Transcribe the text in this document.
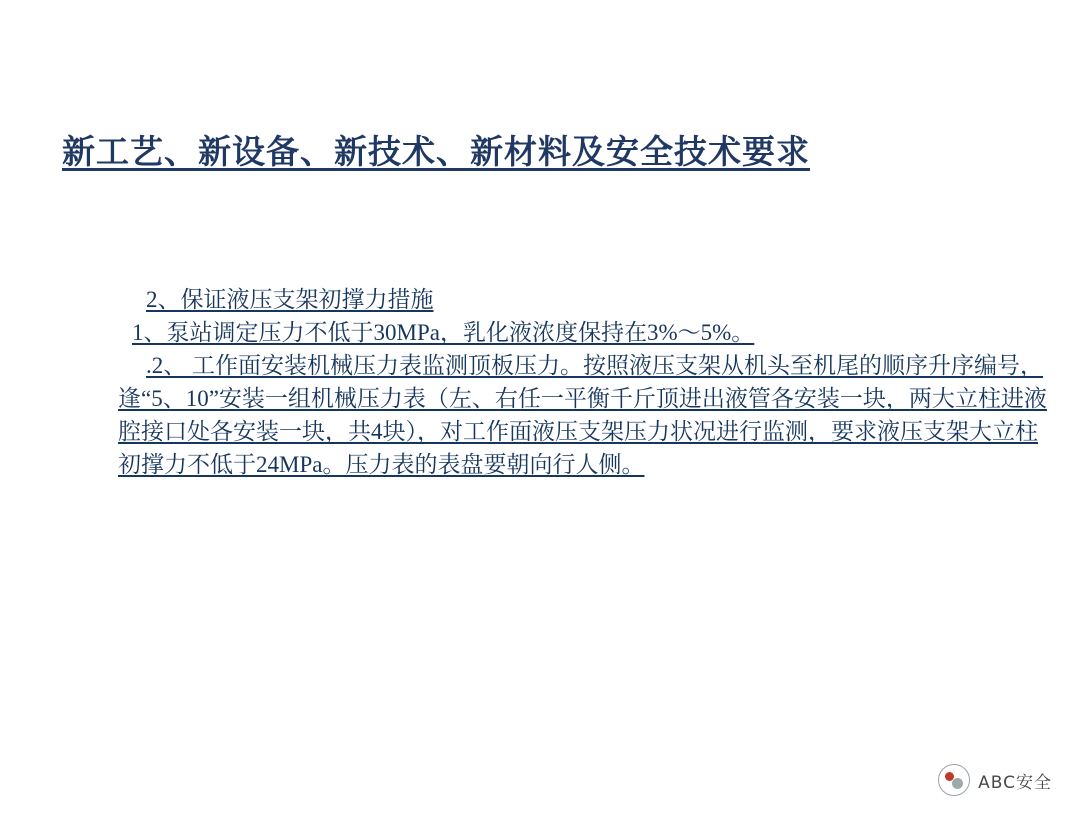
新工艺、新设备、新技术、新材料及安全技术要求

2、保证液压支架初撑力措施

1、泵站调定压力不低于30MPa，乳化液浓度保持在3%～5%。

.2、 工作面安装机械压力表监测顶板压力。按照液压支架从机头至机尾的顺序升序编号，逢“5、10”安装一组机械压力表（左、右任一平衡千斤顶进出液管各安装一块，两大立柱进液腔接口处各安装一块，共4块），对工作面液压支架压力状况进行监测，要求液压支架大立柱初撑力不低于24MPa。压力表的表盘要朝向行人侧。

ABC安全
